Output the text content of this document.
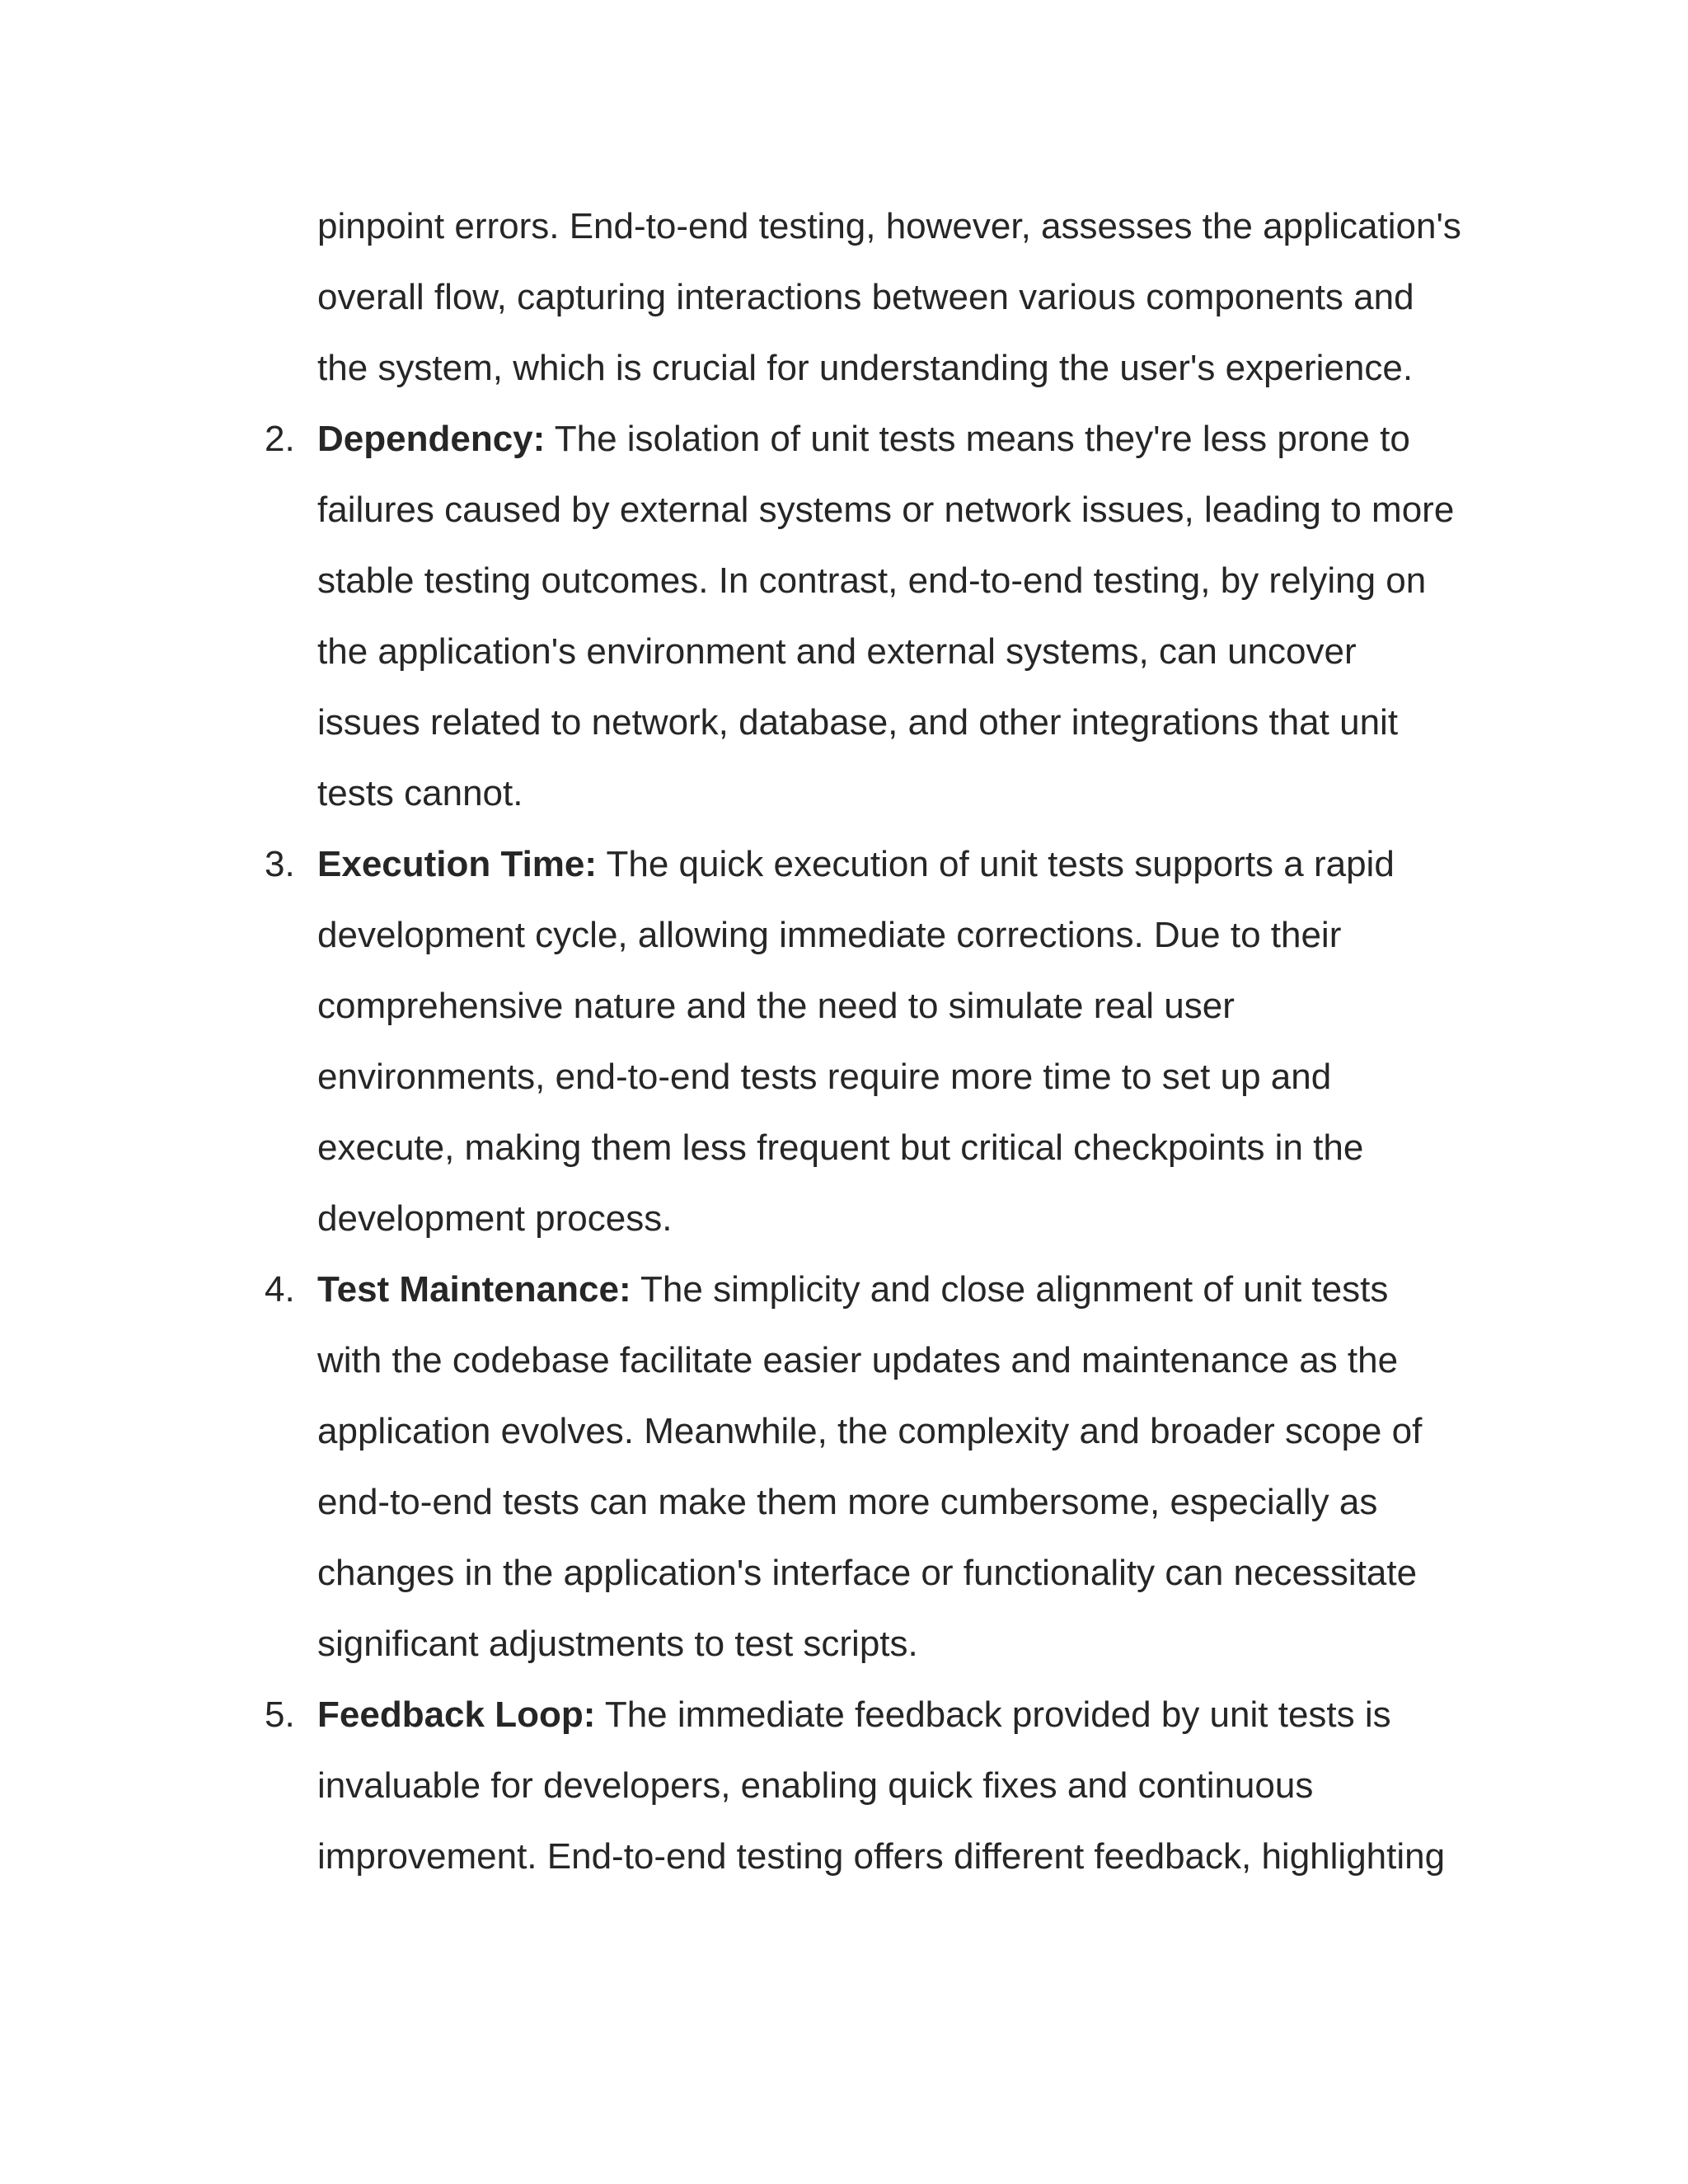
pinpoint errors. End-to-end testing, however, assesses the application's
overall flow, capturing interactions between various components and
the system, which is crucial for understanding the user's experience.
2. Dependency: The isolation of unit tests means they're less prone to
failures caused by external systems or network issues, leading to more
stable testing outcomes. In contrast, end-to-end testing, by relying on
the application's environment and external systems, can uncover
issues related to network, database, and other integrations that unit
tests cannot.
3. Execution Time: The quick execution of unit tests supports a rapid
development cycle, allowing immediate corrections. Due to their
comprehensive nature and the need to simulate real user
environments, end-to-end tests require more time to set up and
execute, making them less frequent but critical checkpoints in the
development process.
4. Test Maintenance: The simplicity and close alignment of unit tests
with the codebase facilitate easier updates and maintenance as the
application evolves. Meanwhile, the complexity and broader scope of
end-to-end tests can make them more cumbersome, especially as
changes in the application's interface or functionality can necessitate
significant adjustments to test scripts.
5. Feedback Loop: The immediate feedback provided by unit tests is
invaluable for developers, enabling quick fixes and continuous
improvement. End-to-end testing offers different feedback, highlighting
